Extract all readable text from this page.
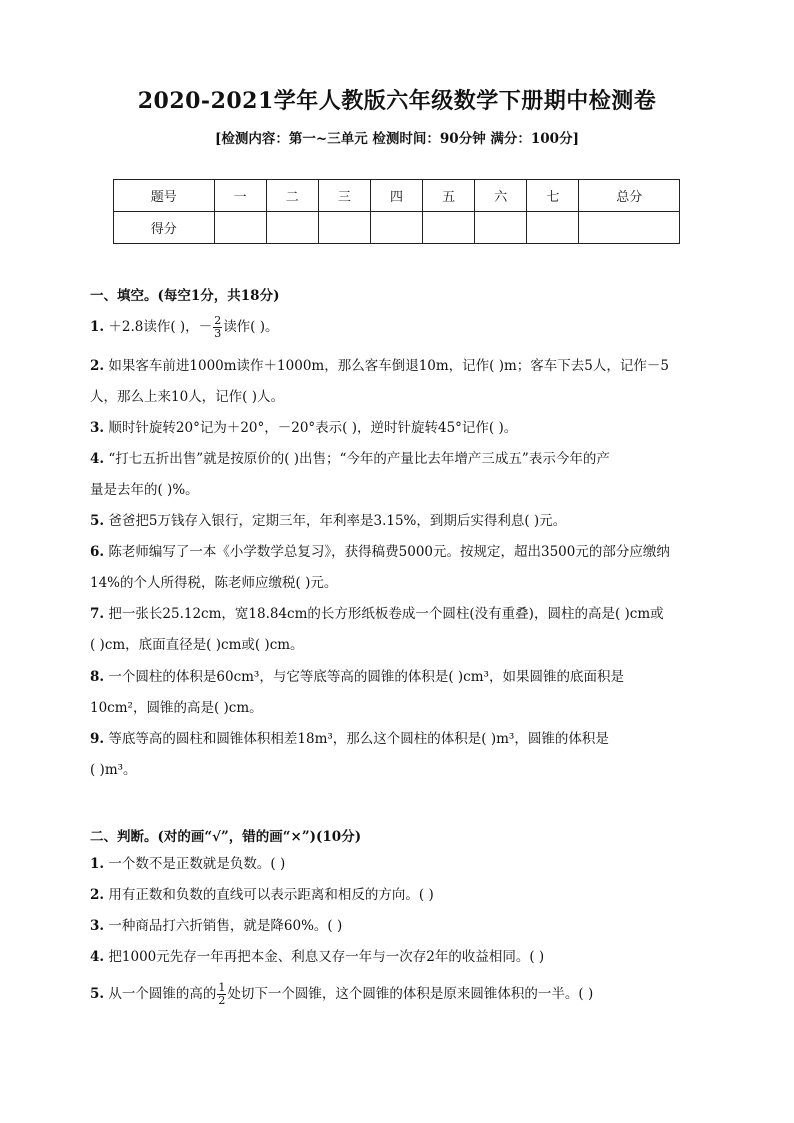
2020-2021学年人教版六年级数学下册期中检测卷
[检测内容：第一~三单元 检测时间：90分钟 满分：100分]
题号	一	二	三	四	五	六	七	总分
得分								
一、填空。(每空1分，共18分)
1. ＋2.8读作( )，－ $\frac{2}{3}$ 读作( )。
2. 如果客车前进1000m读作＋1000m，那么客车倒退10m，记作( )m；客车下去5人，记作－5
人，那么上来10人，记作( )人。
3. 顺时针旋转20°记为＋20°，－20°表示( )，逆时针旋转45°记作( )。
4. “打七五折出售”就是按原价的( )出售；“今年的产量比去年增产三成五”表示今年的产
量是去年的( )%。
5. 爸爸把5万钱存入银行，定期三年，年利率是3.15%，到期后实得利息( )元。
6. 陈老师编写了一本《小学数学总复习》，获得稿费5000元。按规定，超出3500元的部分应缴纳
14%的个人所得税，陈老师应缴税( )元。
7. 把一张长25.12cm，宽18.84cm的长方形纸板卷成一个圆柱(没有重叠)，圆柱的高是( )cm或
( )cm，底面直径是( )cm或( )cm。
8. 一个圆柱的体积是60cm³，与它等底等高的圆锥的体积是( )cm³，如果圆锥的底面积是
10cm²，圆锥的高是( )cm。
9. 等底等高的圆柱和圆锥体积相差18m³，那么这个圆柱的体积是( )m³，圆锥的体积是
( )m³。
二、判断。(对的画“√”，错的画“×”)(10分)
1. 一个数不是正数就是负数。( )
2. 用有正数和负数的直线可以表示距离和相反的方向。( )
3. 一种商品打六折销售，就是降60%。( )
4. 把1000元先存一年再把本金、利息又存一年与一次存2年的收益相同。( )
5. 从一个圆锥的高的 $\frac{1}{2}$ 处切下一个圆锥，这个圆锥的体积是原来圆锥体积的一半。( )
